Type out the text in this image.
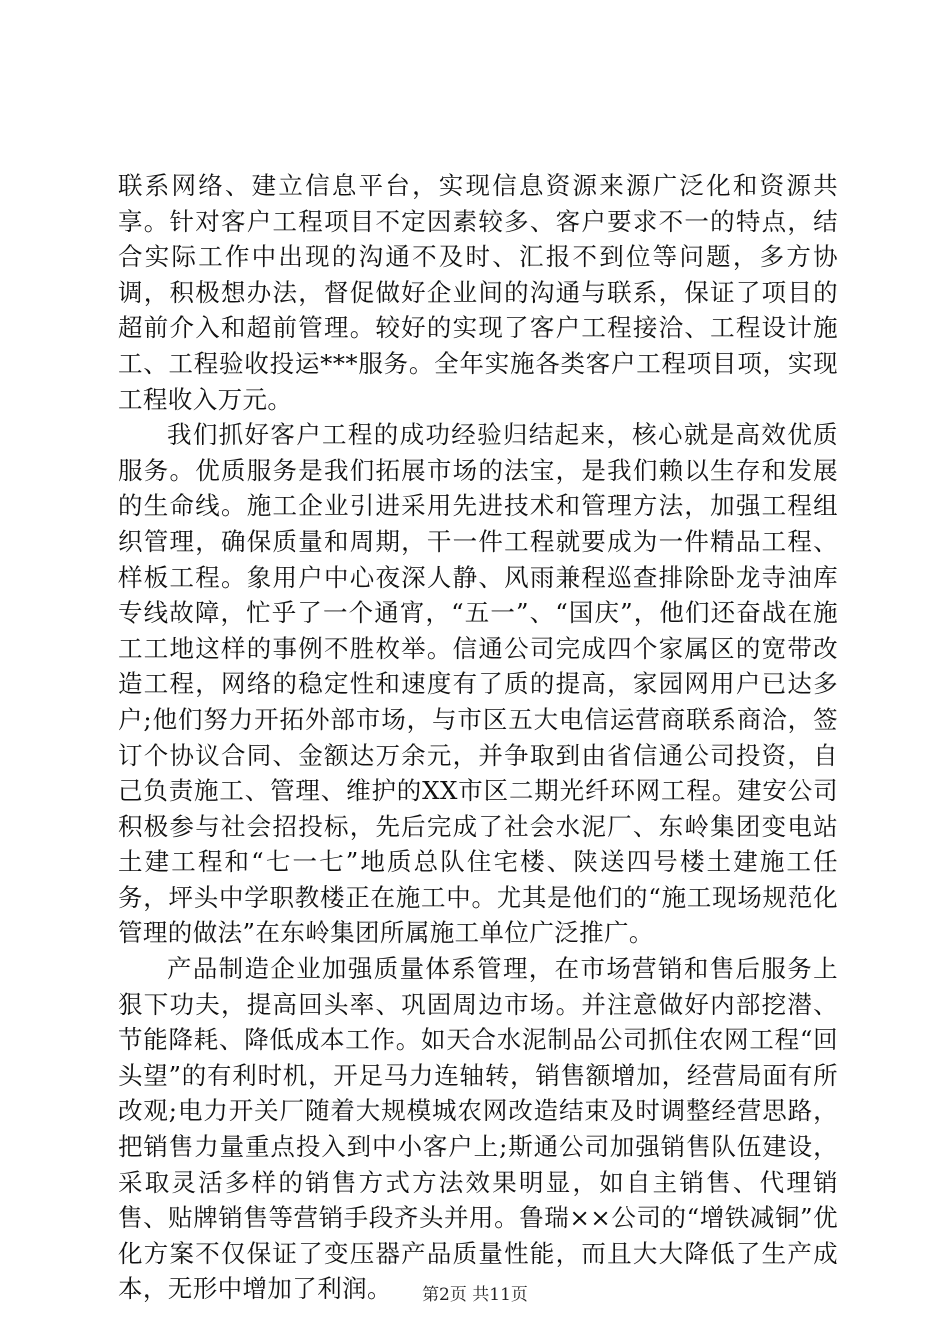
联系网络、建立信息平台，实现信息资源来源广泛化和资源共享。针对客户工程项目不定因素较多、客户要求不一的特点，结合实际工作中出现的沟通不及时、汇报不到位等问题，多方协调，积极想办法，督促做好企业间的沟通与联系，保证了项目的超前介入和超前管理。较好的实现了客户工程接洽、工程设计施工、工程验收投运***服务。全年实施各类客户工程项目项，实现工程收入万元。

我们抓好客户工程的成功经验归结起来，核心就是高效优质服务。优质服务是我们拓展市场的法宝，是我们赖以生存和发展的生命线。施工企业引进采用先进技术和管理方法，加强工程组织管理，确保质量和周期，干一件工程就要成为一件精品工程、样板工程。象用户中心夜深人静、风雨兼程巡查排除卧龙寺油库专线故障，忙乎了一个通宵，“五一”、“国庆”，他们还奋战在施工工地这样的事例不胜枚举。信通公司完成四个家属区的宽带改造工程，网络的稳定性和速度有了质的提高，家园网用户已达多户;他们努力开拓外部市场，与市区五大电信运营商联系商洽，签订个协议合同、金额达万余元，并争取到由省信通公司投资，自己负责施工、管理、维护的XX市区二期光纤环网工程。建安公司积极参与社会招投标，先后完成了社会水泥厂、东岭集团变电站土建工程和“七一七”地质总队住宅楼、陕送四号楼土建施工任务，坪头中学职教楼正在施工中。尤其是他们的“施工现场规范化管理的做法”在东岭集团所属施工单位广泛推广。

产品制造企业加强质量体系管理，在市场营销和售后服务上狠下功夫，提高回头率、巩固周边市场。并注意做好内部挖潜、节能降耗、降低成本工作。如天合水泥制品公司抓住农网工程“回头望”的有利时机，开足马力连轴转，销售额增加，经营局面有所改观;电力开关厂随着大规模城农网改造结束及时调整经营思路，把销售力量重点投入到中小客户上;斯通公司加强销售队伍建设，采取灵活多样的销售方式方法效果明显，如自主销售、代理销售、贴牌销售等营销手段齐头并用。鲁瑞××公司的“增铁减铜”优化方案不仅保证了变压器产品质量性能，而且大大降低了生产成本，无形中增加了利润。	第2页 共11页
